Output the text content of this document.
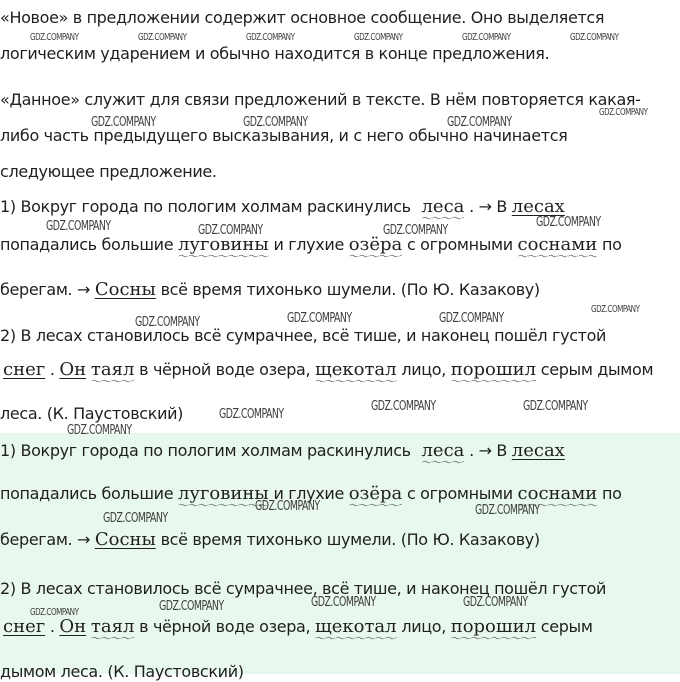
«Новое» в предложении содержит основное сообщение. Оно выделяется
логическим ударением и обычно находится в конце предложения.
«Данное» служит для связи предложений в тексте. В нём повторяется какая-
либо часть предыдущего высказывания, и с него обычно начинается
следующее предложение.
1) Вокруг города по пологим холмам раскинулись леса
〜〜〜〜〜〜〜〜〜〜〜〜
. → В лесах
попадались большие луговины
〜〜〜〜〜〜〜〜〜〜〜〜
и глухие озёра
〜〜〜〜〜〜〜〜〜〜〜〜
с огромными соснами
〜〜〜〜〜〜〜〜〜〜〜〜
по
берегам. → Сосны всё время тихонько шумели. (По Ю. Казакову)
2) В лесах становилось всё сумрачнее, всё тише, и наконец пошёл густой
снег . Он таял
〜〜〜〜〜〜〜〜〜〜〜〜
в чёрной воде озера, щекотал
〜〜〜〜〜〜〜〜〜〜〜〜
лицо, порошил
〜〜〜〜〜〜〜〜〜〜〜〜
серым дымом
леса. (К. Паустовский)
1) Вокруг города по пологим холмам раскинулись леса
〜〜〜〜〜〜〜〜〜〜〜〜
. → В лесах
попадались большие луговины
〜〜〜〜〜〜〜〜〜〜〜〜
и глухие озёра
〜〜〜〜〜〜〜〜〜〜〜〜
с огромными соснами
〜〜〜〜〜〜〜〜〜〜〜〜
по
берегам. → Сосны всё время тихонько шумели. (По Ю. Казакову)
2) В лесах становилось всё сумрачнее, всё тише, и наконец пошёл густой
снег . Он таял
〜〜〜〜〜〜〜〜〜〜〜〜
в чёрной воде озера, щекотал
〜〜〜〜〜〜〜〜〜〜〜〜
лицо, порошил
〜〜〜〜〜〜〜〜〜〜〜〜
серым
дымом леса. (К. Паустовский)
GDZ.COMPANY	GDZ.COMPANY	GDZ.COMPANY	GDZ.COMPANY	GDZ.COMPANY	GDZ.COMPANY
GDZ.COMPANY
GDZ.COMPANY	GDZ.COMPANY	GDZ.COMPANY
GDZ.COMPANY	GDZ.COMPANY	GDZ.COMPANY
GDZ.COMPANY
GDZ.COMPANY
GDZ.COMPANY	GDZ.COMPANY	GDZ.COMPANY
GDZ.COMPANY
GDZ.COMPANY	GDZ.COMPANY
GDZ.COMPANY
GDZ.COMPANY
GDZ.COMPANY	GDZ.COMPANY
GDZ.COMPANY	GDZ.COMPANY	GDZ.COMPANY	GDZ.COMPANY
